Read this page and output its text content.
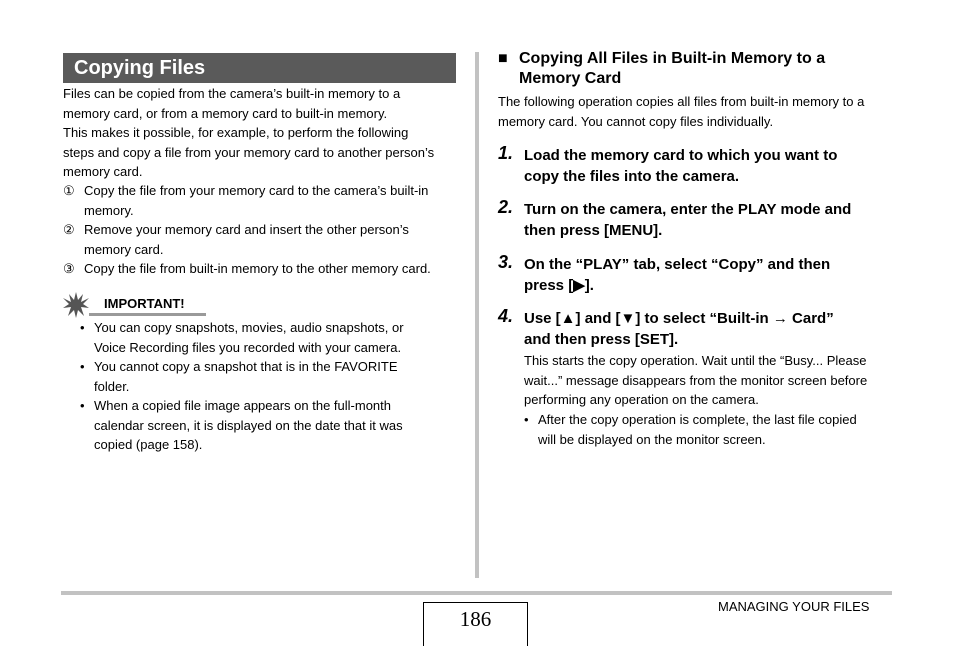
Copying Files
Files can be copied from the camera’s built-in memory to a
memory card, or from a memory card to built-in memory.
This makes it possible, for example, to perform the following
steps and copy a file from your memory card to another person’s
memory card.
① Copy the file from your memory card to the camera’s built-in
memory.
② Remove your memory card and insert the other person’s
memory card.
③ Copy the file from built-in memory to the other memory card.
IMPORTANT!
• You can copy snapshots, movies, audio snapshots, or
Voice Recording files you recorded with your camera.
• You cannot copy a snapshot that is in the FAVORITE
folder.
• When a copied file image appears on the full-month
calendar screen, it is displayed on the date that it was
copied (page 158).
■ Copying All Files in Built-in Memory to a
Memory Card
The following operation copies all files from built-in memory to a
memory card. You cannot copy files individually.
1. Load the memory card to which you want to
copy the files into the camera.
2. Turn on the camera, enter the PLAY mode and
then press [MENU].
3. On the “PLAY” tab, select “Copy” and then
press [▶].
4. Use [▲] and [▼] to select “Built-in → Card”
and then press [SET].
This starts the copy operation. Wait until the “Busy... Please
wait...” message disappears from the monitor screen before
performing any operation on the camera.
• After the copy operation is complete, the last file copied
will be displayed on the monitor screen.
186
MANAGING YOUR FILES
